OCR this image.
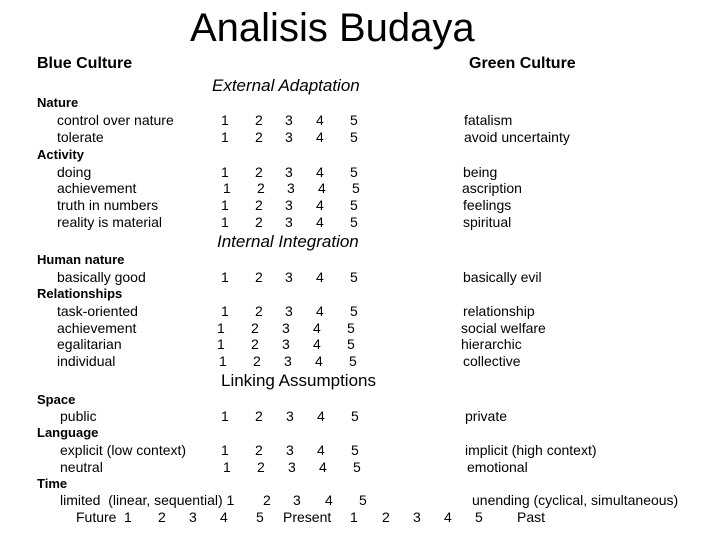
Analisis Budaya
Blue Culture	Green Culture
External Adaptation
Nature
control over nature	1 2 3 4 5	fatalism
tolerate	1 2 3 4 5	avoid uncertainty
Activity
doing	1 2 3 4 5	being
achievement	1 2 3 4 5	ascription
truth in numbers	1 2 3 4 5	feelings
reality is material	1 2 3 4 5	spiritual
Internal Integration
Human nature
basically good	1 2 3 4 5	basically evil
Relationships
task-oriented	1 2 3 4 5	relationship
achievement	1 2 3 4 5	social welfare
egalitarian	1 2 3 4 5	hierarchic
individual	1 2 3 4 5	collective
Linking Assumptions
Space
public	1 2 3 4 5	private
Language
explicit (low context) 1 2 3 4 5	implicit (high context)
neutral	1 2 3 4 5	emotional
Time
limited  (linear, sequential) 1 2 3 4 5	unending (cyclical, simultaneous)
Future 1 2 3 4 5 Present 1 2 3 4 5 Past
